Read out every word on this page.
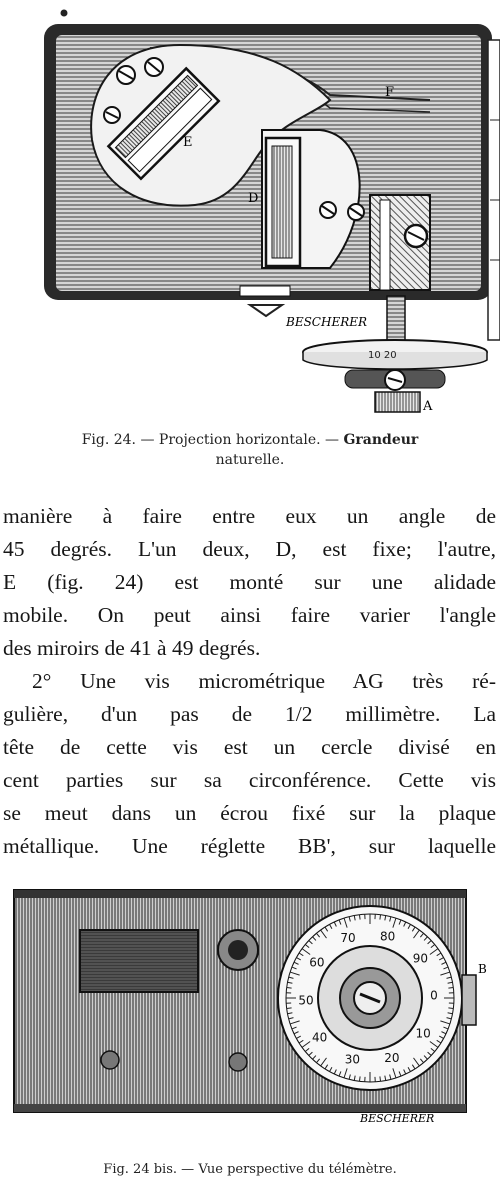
F
E
D
BESCHERER
10 20
A
Fig. 24. — Projection horizontale. — Grandeur
naturelle.
manière à faire entre eux un angle de
45 degrés. L'un deux, D, est fixe; l'autre,
E (fig. 24) est monté sur une alidade
mobile. On peut ainsi faire varier l'angle
des miroirs de 41 à 49 degrés.
2° Une vis micrométrique AG très ré-
gulière, d'un pas de 1/2 millimètre. La
tête de cette vis est un cercle divisé en
cent parties sur sa circonférence. Cette vis
se meut dans un écrou fixé sur la plaque
métallique. Une réglette BB', sur laquelle
70 80
90
0
10
20
30
40
50
60	B
BESCHERER
Fig. 24 bis. — Vue perspective du télémètre.
